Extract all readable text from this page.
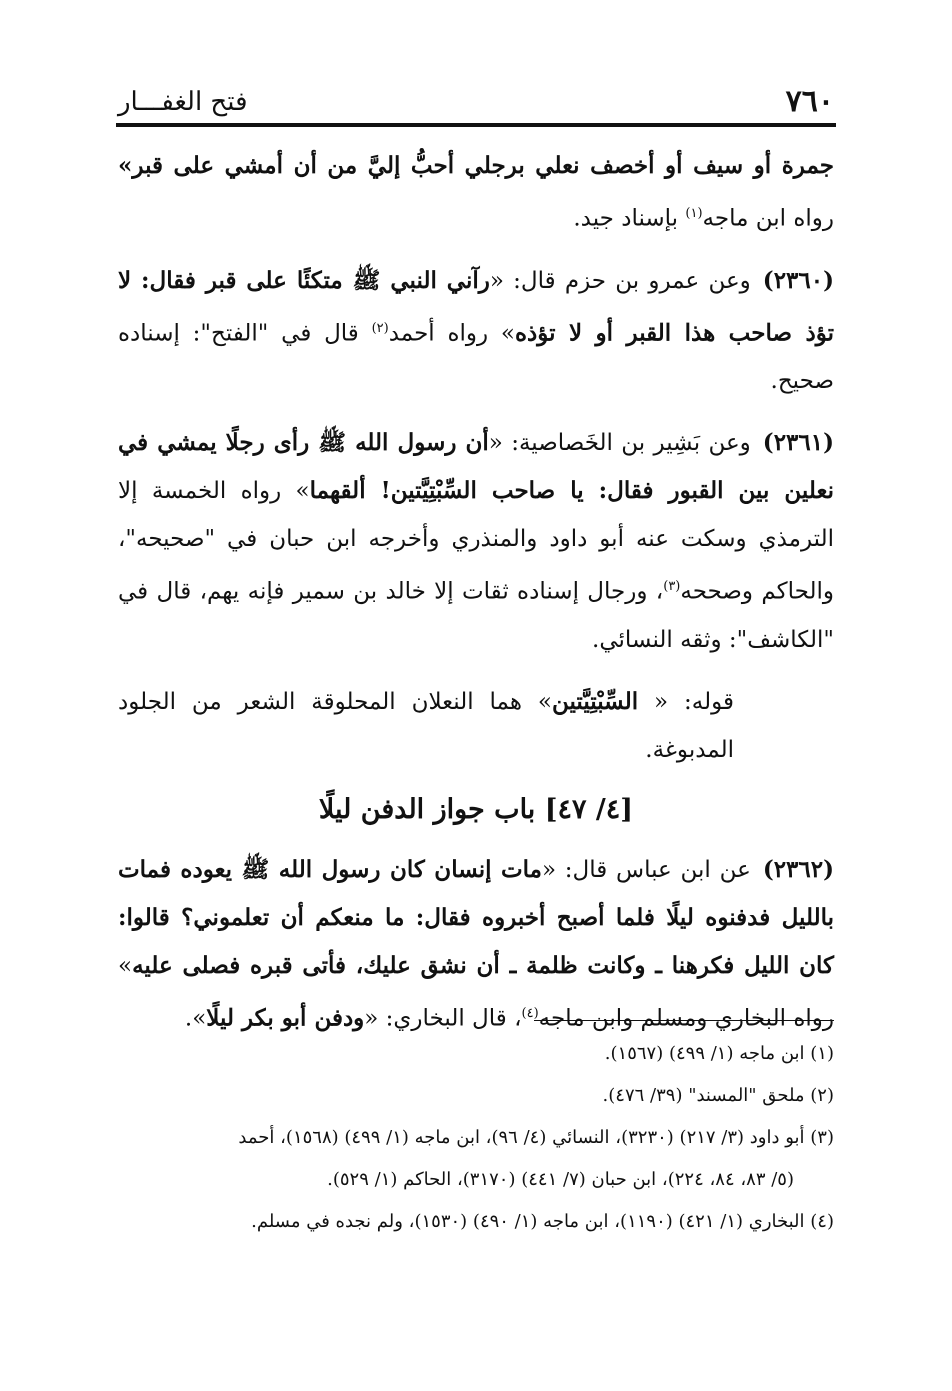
٧٦٠
فتح الغفـــار

جمرة أو سيف أو أخصف نعلي برجلي أحبُّ إليَّ من أن أمشي على قبر» رواه ابن ماجه$^{(١)}$ بإسناد جيد.

(٢٣٦٠)وعن عمرو بن حزم قال: «رآني النبي ﷺ متكئًا على قبر فقال: لا تؤذ صاحب هذا القبر أو لا تؤذه» رواه أحمد$^{(٢)}$ قال في "الفتح": إسناده صحيح.

(٢٣٦١)وعن بَشِير بن الخَصاصية: «أن رسول الله ﷺ رأى رجلًا يمشي في نعلين بين القبور فقال: يا صاحب السِّبْتِيَّتين! ألقهما» رواه الخمسة إلا الترمذي وسكت عنه أبو داود والمنذري وأخرجه ابن حبان في "صحيحه"، والحاكم وصححه$^{(٣)}$، ورجال إسناده ثقات إلا خالد بن سمير فإنه يهم، قال في "الكاشف": وثقه النسائي.

قوله: « السِّبْتِيَّتين» هما النعلان المحلوقة الشعر من الجلود المدبوغة.

[٤/ ٤٧] باب جواز الدفن ليلًا

(٢٣٦٢)عن ابن عباس قال: «مات إنسان كان رسول الله ﷺ يعوده فمات بالليل فدفنوه ليلًا فلما أصبح أخبروه فقال: ما منعكم أن تعلموني؟ قالوا: كان الليل فكرهنا ـ وكانت ظلمة ـ أن نشق عليك، فأتى قبره فصلى عليه» رواه البخاري ومسلم وابن ماجه$^{(٤)}$، قال البخاري: «ودفن أبو بكر ليلًا».

(١) ابن ماجه (١/ ٤٩٩) (١٥٦٧).
(٢) ملحق "المسند" (٣٩/ ٤٧٦).
(٣) أبو داود (٣/ ٢١٧) (٣٢٣٠)، النسائي (٤/ ٩٦)، ابن ماجه (١/ ٤٩٩) (١٥٦٨)، أحمد
(٥/ ٨٣، ٨٤، ٢٢٤)، ابن حبان (٧/ ٤٤١) (٣١٧٠)، الحاكم (١/ ٥٢٩).
(٤) البخاري (١/ ٤٢١) (١١٩٠)، ابن ماجه (١/ ٤٩٠) (١٥٣٠)، ولم نجده في مسلم.
